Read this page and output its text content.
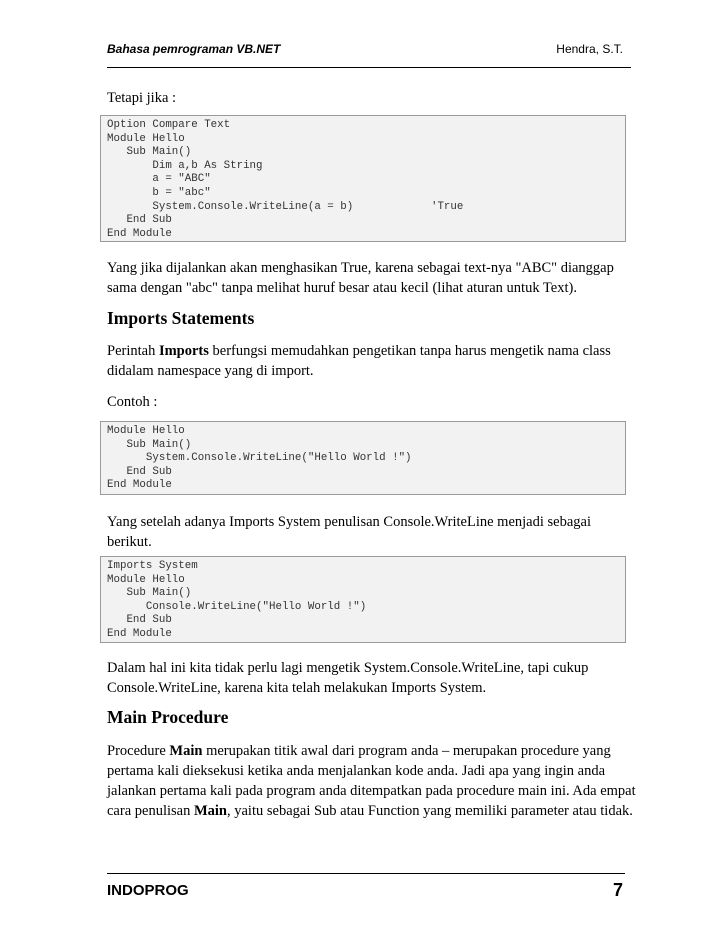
Bahasa pemrograman VB.NET	Hendra, S.T.

Tetapi jika :

Option Compare Text
Module Hello
Sub Main()
Dim a,b As String
a = "ABC"
b = "abc"
System.Console.WriteLine(a = b)            'True
End Sub
End Module

Yang jika dijalankan akan menghasikan True, karena sebagai text-nya "ABC" dianggap sama dengan "abc" tanpa melihat huruf besar atau kecil (lihat aturan untuk Text).

Imports Statements

Perintah Imports berfungsi memudahkan pengetikan tanpa harus mengetik nama class didalam namespace yang di import.

Contoh :

Module Hello
Sub Main()
System.Console.WriteLine("Hello World !")
End Sub
End Module

Yang setelah adanya Imports System penulisan Console.WriteLine menjadi sebagai berikut.

Imports System
Module Hello
Sub Main()
Console.WriteLine("Hello World !")
End Sub
End Module

Dalam hal ini kita tidak perlu lagi mengetik System.Console.WriteLine, tapi cukup Console.WriteLine, karena kita telah melakukan Imports System.

Main Procedure

Procedure Main merupakan titik awal dari program anda – merupakan procedure yang pertama kali dieksekusi ketika anda menjalankan kode anda. Jadi apa yang ingin anda jalankan pertama kali pada program anda ditempatkan pada procedure main ini. Ada empat cara penulisan Main, yaitu sebagai Sub atau Function yang memiliki parameter atau tidak.

INDOPROG	7
